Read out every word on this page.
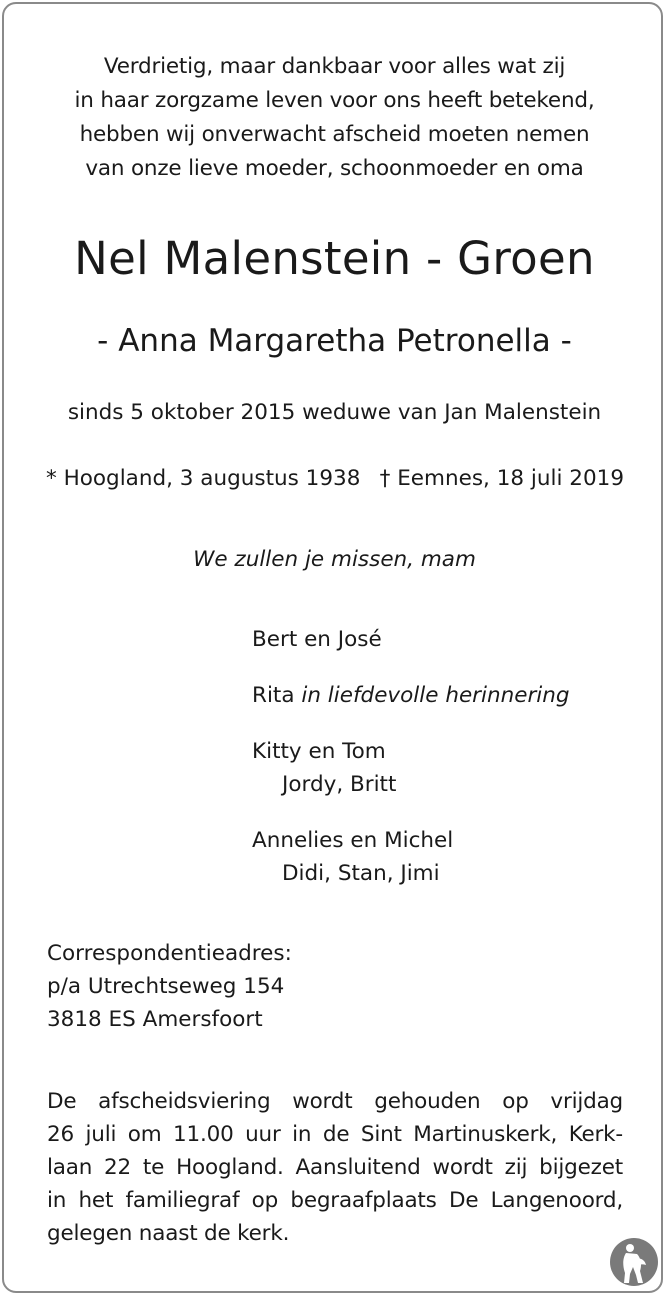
Verdrietig, maar dankbaar voor alles wat zij
in haar zorgzame leven voor ons heeft betekend,
hebben wij onverwacht afscheid moeten nemen
van onze lieve moeder, schoonmoeder en oma
Nel Malenstein - Groen
- Anna Margaretha Petronella -
sinds 5 oktober 2015 weduwe van Jan Malenstein
* Hoogland, 3 augustus 1938 † Eemnes, 18 juli 2019
We zullen je missen, mam
Bert en José
Rita in liefdevolle herinnering
Kitty en Tom
Jordy, Britt
Annelies en Michel
Didi, Stan, Jimi
Correspondentieadres:
p/a Utrechtseweg 154
3818 ES Amersfoort
De afscheidsviering wordt gehouden op vrijdag
26 juli om 11.00 uur in de Sint Martinuskerk, Kerk-
laan 22 te Hoogland. Aansluitend wordt zij bijgezet
in het familiegraf op begraafplaats De Langenoord,
gelegen naast de kerk.
